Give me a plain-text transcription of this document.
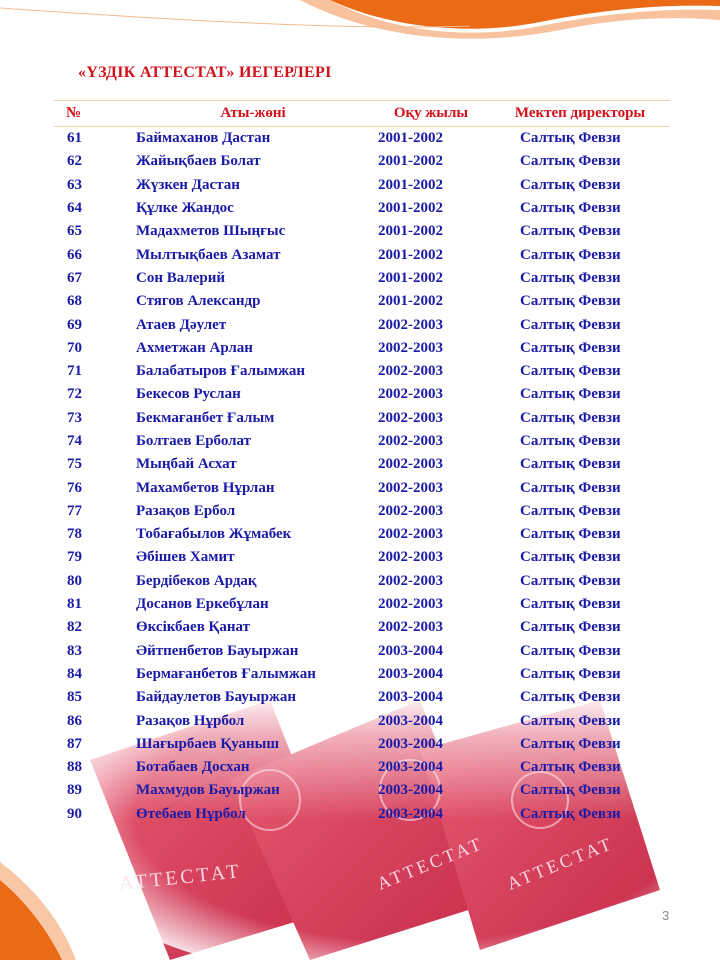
«ҮЗДІК АТТЕСТАТ» ИЕГЕРЛЕРІ
№	Аты-жөні	Оқу жылы	Мектеп директоры
61	Баймаханов Дастан	2001-2002	Салтық Февзи
62	Жайықбаев Болат	2001-2002	Салтық Февзи
63	Жүзкен Дастан	2001-2002	Салтық Февзи
64	Құлке Жандос	2001-2002	Салтық Февзи
65	Мадахметов Шыңғыс	2001-2002	Салтық Февзи
66	Мылтықбаев Азамат	2001-2002	Салтық Февзи
67	Сон Валерий	2001-2002	Салтық Февзи
68	Стягов Александр	2001-2002	Салтық Февзи
69	Атаев Дәулет	2002-2003	Салтық Февзи
70	Ахметжан Арлан	2002-2003	Салтық Февзи
71	Балабатыров Ғалымжан	2002-2003	Салтық Февзи
72	Бекесов Руслан	2002-2003	Салтық Февзи
73	Бекмағанбет Ғалым	2002-2003	Салтық Февзи
74	Болтаев Ерболат	2002-2003	Салтық Февзи
75	Мыңбай Асхат	2002-2003	Салтық Февзи
76	Махамбетов Нұрлан	2002-2003	Салтық Февзи
77	Разақов Ербол	2002-2003	Салтық Февзи
78	Тобағабылов Жұмабек	2002-2003	Салтық Февзи
79	Әбішев Хамит	2002-2003	Салтық Февзи
80	Бердібеков Ардақ	2002-2003	Салтық Февзи
81	Досанов Еркебұлан	2002-2003	Салтық Февзи
82	Өксікбаев Қанат	2002-2003	Салтық Февзи
83	Әйтпенбетов Бауыржан	2003-2004	Салтық Февзи
84	Бермағанбетов Ғалымжан	2003-2004	Салтық Февзи
85	Байдаулетов Бауыржан	2003-2004	Салтық Февзи
86	Разақов Нұрбол	2003-2004	Салтық Февзи
87	Шағырбаев Қуаныш	2003-2004	Салтық Февзи
88	Ботабаев Досхан	2003-2004	Салтық Февзи
89	Махмудов Бауыржан	2003-2004	Салтық Февзи
90	Өтебаев Нұрбол	2003-2004	Салтық Февзи
3
